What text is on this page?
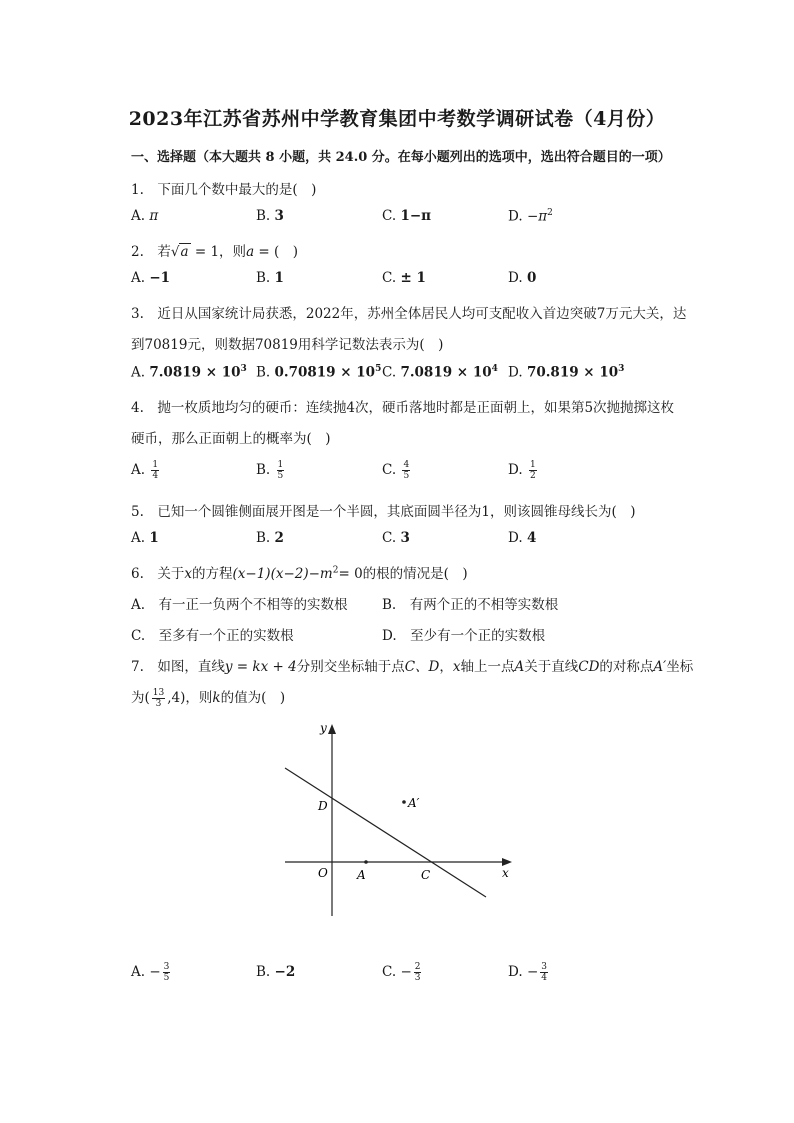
2023年江苏省苏州中学教育集团中考数学调研试卷（4月份）
一、选择题（本大题共 8 小题，共 24.0 分。在每小题列出的选项中，选出符合题目的一项）
1.　下面几个数中最大的是(　)
A. π	B. 3	C. 1−π	D. $-\pi^2$
2.　若√a = 1，则a = (　)
A. −1	B. 1	C. ± 1	D. 0
3.　近日从国家统计局获悉，2022年，苏州全体居民人均可支配收入首边突破7万元大关，达
到70819元，则数据70819用科学记数法表示为(　)
A. $7.0819 \times 10^3$ B. $0.70819 \times 10^5$ C. $7.0819 \times 10^4$ D. $70.819 \times 10^3$
4.　抛一枚质地均匀的硬币：连续抛4次，硬币落地时都是正面朝上，如果第5次抛抛掷这枚
硬币，那么正面朝上的概率为(　)
A. $\frac{1}{4}$	B. $\frac{1}{5}$	C. $\frac{4}{5}$	D. $\frac{1}{2}$
5.　已知一个圆锥侧面展开图是一个半圆，其底面圆半径为1，则该圆锥母线长为(　)
A. 1	B. 2	C. 3	D. 4
6.　关于x的方程$(x-1)(x-2)-m^2= 0$的根的情况是(　)
A.　有一正一负两个不相等的实数根	B.　有两个正的不相等实数根
C.　至多有一个正的实数根	D.　至少有一个正的实数根
7.　如图，直线y = kx + 4分别交坐标轴于点C、D，x轴上一点A关于直线CD的对称点A′坐标
为( $\frac{13}{3} ,4$)，则k的值为(　)
y
x
O A	C
D	A′
A. − $\frac{3}{5}$	B. −2	C. − $\frac{2}{3}$	D. − $\frac{3}{4}$
